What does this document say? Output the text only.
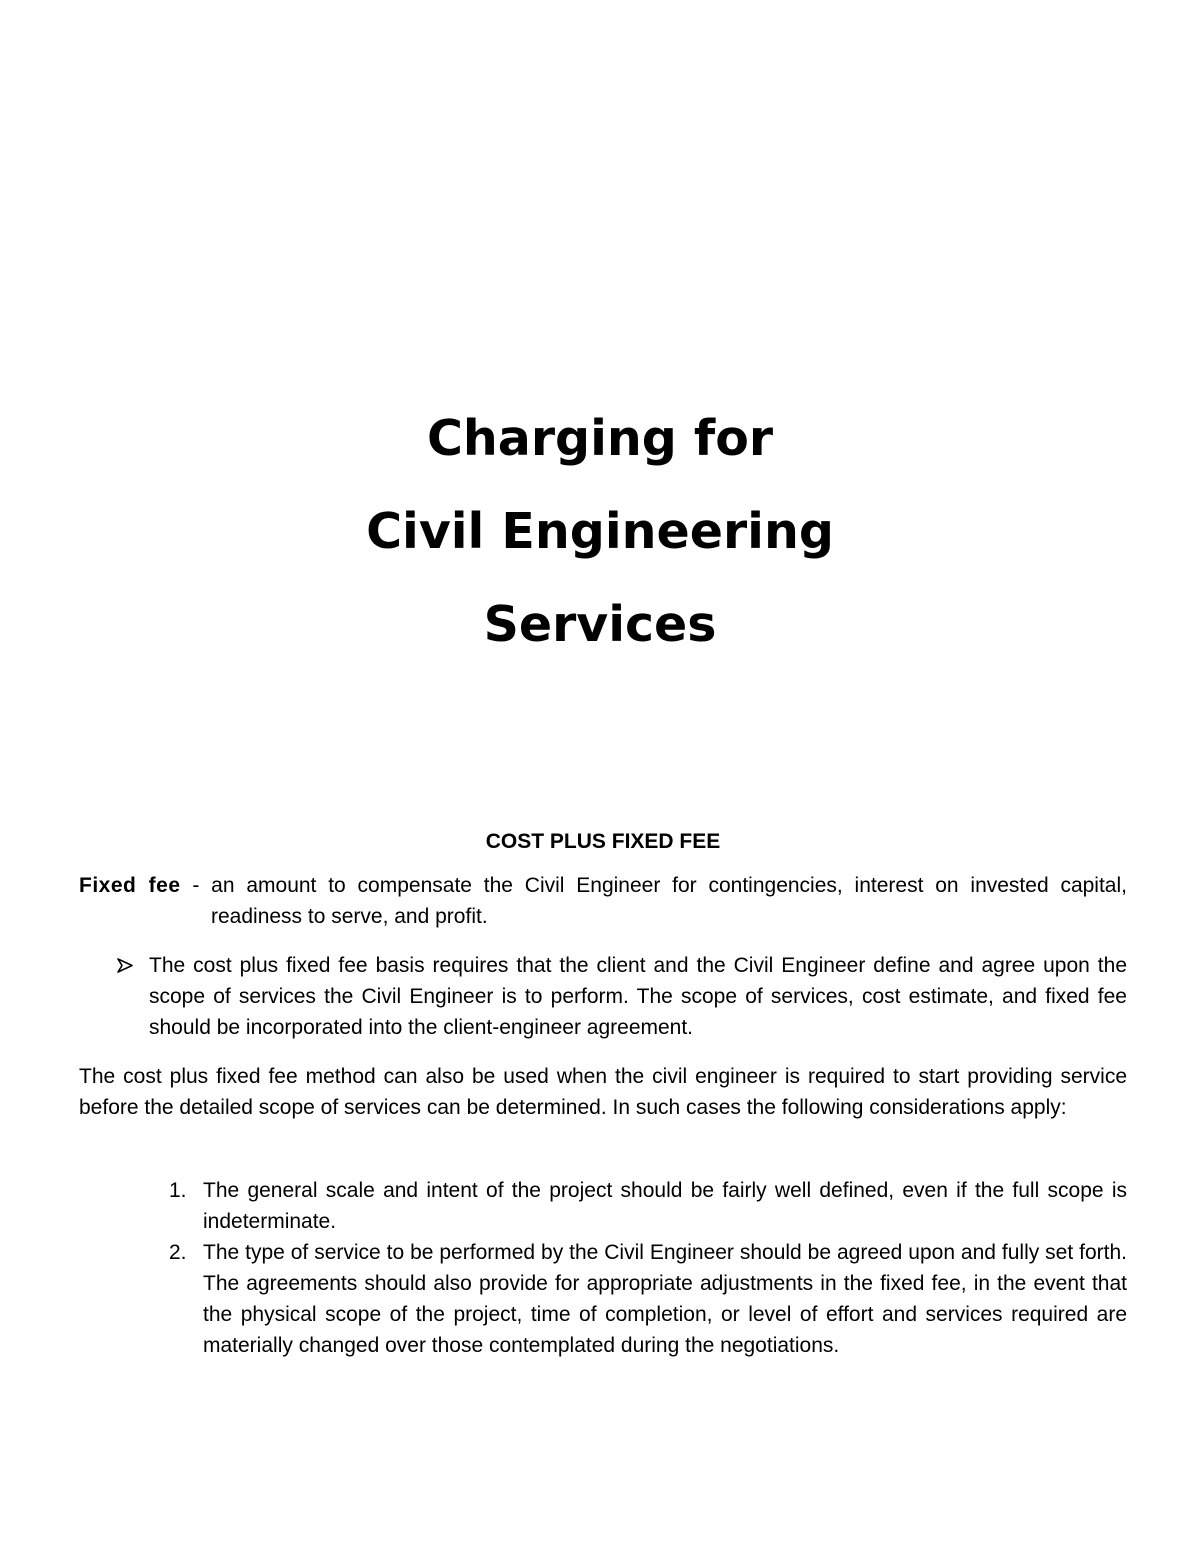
Charging for
Civil Engineering
Services
COST PLUS FIXED FEE

Fixed fee - an amount to compensate the Civil Engineer for contingencies, interest on invested capital, readiness to serve, and profit.

The cost plus fixed fee basis requires that the client and the Civil Engineer define and agree upon the scope of services the Civil Engineer is to perform. The scope of services, cost estimate, and fixed fee should be incorporated into the client-engineer agreement.

The cost plus fixed fee method can also be used when the civil engineer is required to start providing service before the detailed scope of services can be determined. In such cases the following considerations apply:

1. The general scale and intent of the project should be fairly well defined, even if the full scope is indeterminate.

2. The type of service to be performed by the Civil Engineer should be agreed upon and fully set forth. The agreements should also provide for appropriate adjustments in the fixed fee, in the event that the physical scope of the project, time of completion, or level of effort and services required are materially changed over those contemplated during the negotiations.
